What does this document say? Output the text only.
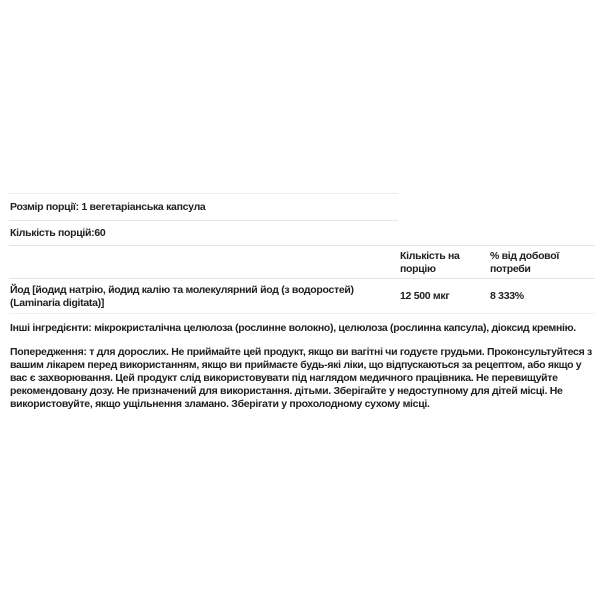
Розмір порції: 1 вегетаріанська капсула
Кількість порцій:60
Кількість на порцію
% від добової потреби
Йод [йодид натрію, йодид калію та молекулярний йод (з водоростей) (Laminaria digitata)]
12 500 мкг	8 333%
Інші інгредієнти: мікрокристалічна целюлоза (рослинне волокно), целюлоза (рослинна капсула), діоксид кремнію.
Попередження: т для дорослих. Не приймайте цей продукт, якщо ви вагітні чи годуєте грудьми. Проконсультуйтеся з вашим лікарем перед використанням, якщо ви приймаєте будь-які ліки, що відпускаються за рецептом, або якщо у вас є захворювання. Цей продукт слід використовувати під наглядом медичного працівника. Не перевищуйте рекомендовану дозу. Не призначений для використання. дітьми. Зберігайте у недоступному для дітей місці. Не використовуйте, якщо ущільнення зламано. Зберігати у прохолодному сухому місці.
